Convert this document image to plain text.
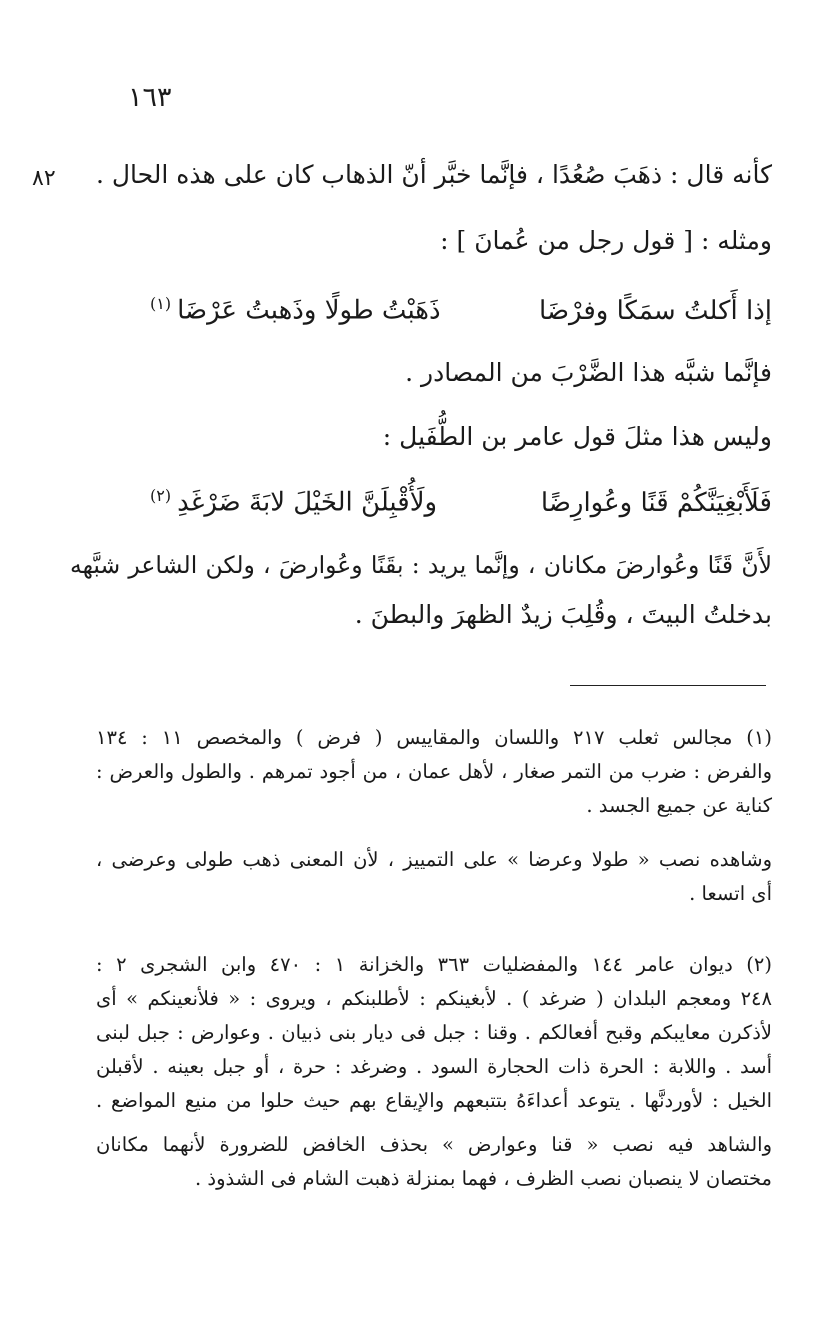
١٦٣
٨٢ كأنه قال : ذهَبَ صُعُدًا ، فإنَّما خبَّر أنّ الذهاب كان على هذه الحال .
ومثله : [ قول رجل من عُمانَ ] :
إذا أَكلتُ سمَكًا وفرْضَا
ذَهَبْتُ طولًا وذَهبتُ عَرْضَا$^{(١)}$
فإنَّما شبَّه هذا الضَّرْبَ من المصادر .
وليس هذا مثلَ قول عامر بن الطُّفَيل :
فَلَأَبْغِيَنَّكُمْ قَنًا وعُوارِضًا
ولَأُقْبِلَنَّ الخَيْلَ لابَةَ ضَرْغَدِ$^{(٢)}$
لأَنَّ قَنًا وعُوارضَ مكانان ، وإنَّما يريد : بقَنًا وعُوارضَ ، ولكن الشاعر شبَّهه
بدخلتُ البيتَ ، وقُلِبَ زيدٌ الظهرَ والبطنَ .

(١) مجالس ثعلب ٢١٧ واللسان والمقاييس ( فرض ) والمخصص ١١ : ١٣٤

والفرض : ضرب من التمر صغار ، لأهل عمان ، من أجود تمرهم . والطول والعرض :

كناية عن جميع الجسد .

وشاهده نصب « طولا وعرضا » على التمييز ، لأن المعنى ذهب طولى وعرضى ،

أى اتسعا .

(٢) ديوان عامر ١٤٤ والمفضليات ٣٦٣ والخزانة ١ : ٤٧٠ وابن الشجرى ٢ :

٢٤٨ ومعجم البلدان ( ضرغد ) . لأبغينكم : لأطلبنكم ، ويروى : « فلأنعينكم » أى

لأذكرن معايبكم وقبح أفعالكم . وقنا : جبل فى ديار بنى ذبيان . وعوارض : جبل لبنى

أسد . واللابة : الحرة ذات الحجارة السود . وضرغد : حرة ، أو جبل بعينه . لأقبلن

الخيل : لأوردنَّها . يتوعد أعداءَهُ بتتبعهم والإيقاع بهم حيث حلوا من منيع المواضع .

والشاهد فيه نصب « قنا وعوارض » بحذف الخافض للضرورة لأنهما مكانان

مختصان لا ينصبان نصب الظرف ، فهما بمنزلة ذهبت الشام فى الشذوذ .
